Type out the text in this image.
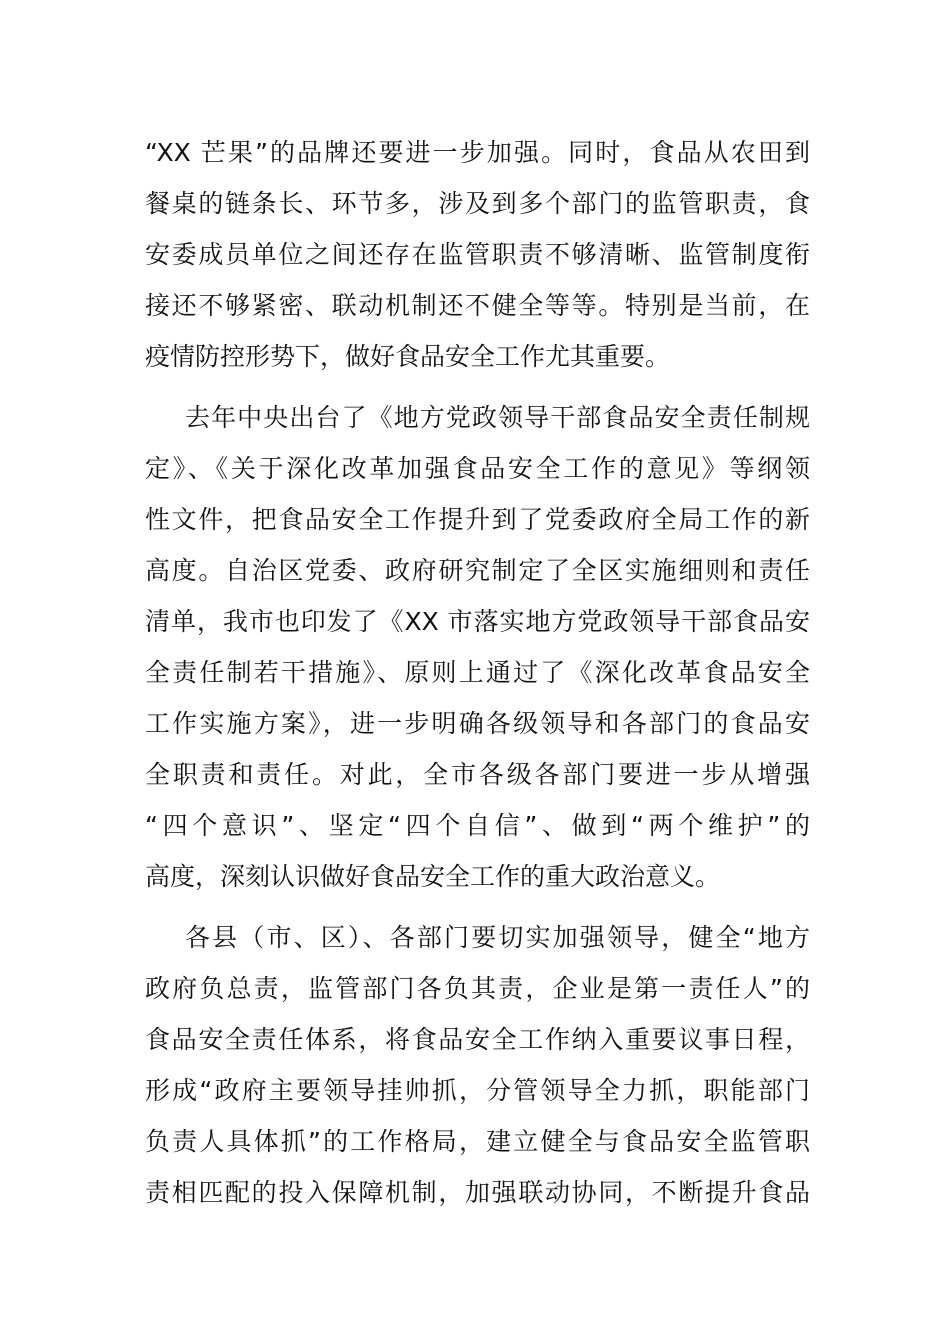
“XX 芒果”的品牌还要进一步加强。同时，食品从农田到
餐桌的链条长、环节多，涉及到多个部门的监管职责，食
安委成员单位之间还存在监管职责不够清晰、监管制度衔
接还不够紧密、联动机制还不健全等等。特别是当前，在
疫情防控形势下，做好食品安全工作尤其重要。
去年中央出台了《地方党政领导干部食品安全责任制规
定》、《关于深化改革加强食品安全工作的意见》等纲领
性文件，把食品安全工作提升到了党委政府全局工作的新
高度。自治区党委、政府研究制定了全区实施细则和责任
清单，我市也印发了《XX 市落实地方党政领导干部食品安
全责任制若干措施》、原则上通过了《深化改革食品安全
工作实施方案》，进一步明确各级领导和各部门的食品安
全职责和责任。对此，全市各级各部门要进一步从增强
“四个意识”、坚定“四个自信”、做到“两个维护”的
高度，深刻认识做好食品安全工作的重大政治意义。
各县（市、区）、各部门要切实加强领导，健全“地方
政府负总责，监管部门各负其责，企业是第一责任人”的
食品安全责任体系，将食品安全工作纳入重要议事日程，
形成“政府主要领导挂帅抓，分管领导全力抓，职能部门
负责人具体抓”的工作格局，建立健全与食品安全监管职
责相匹配的投入保障机制，加强联动协同，不断提升食品
